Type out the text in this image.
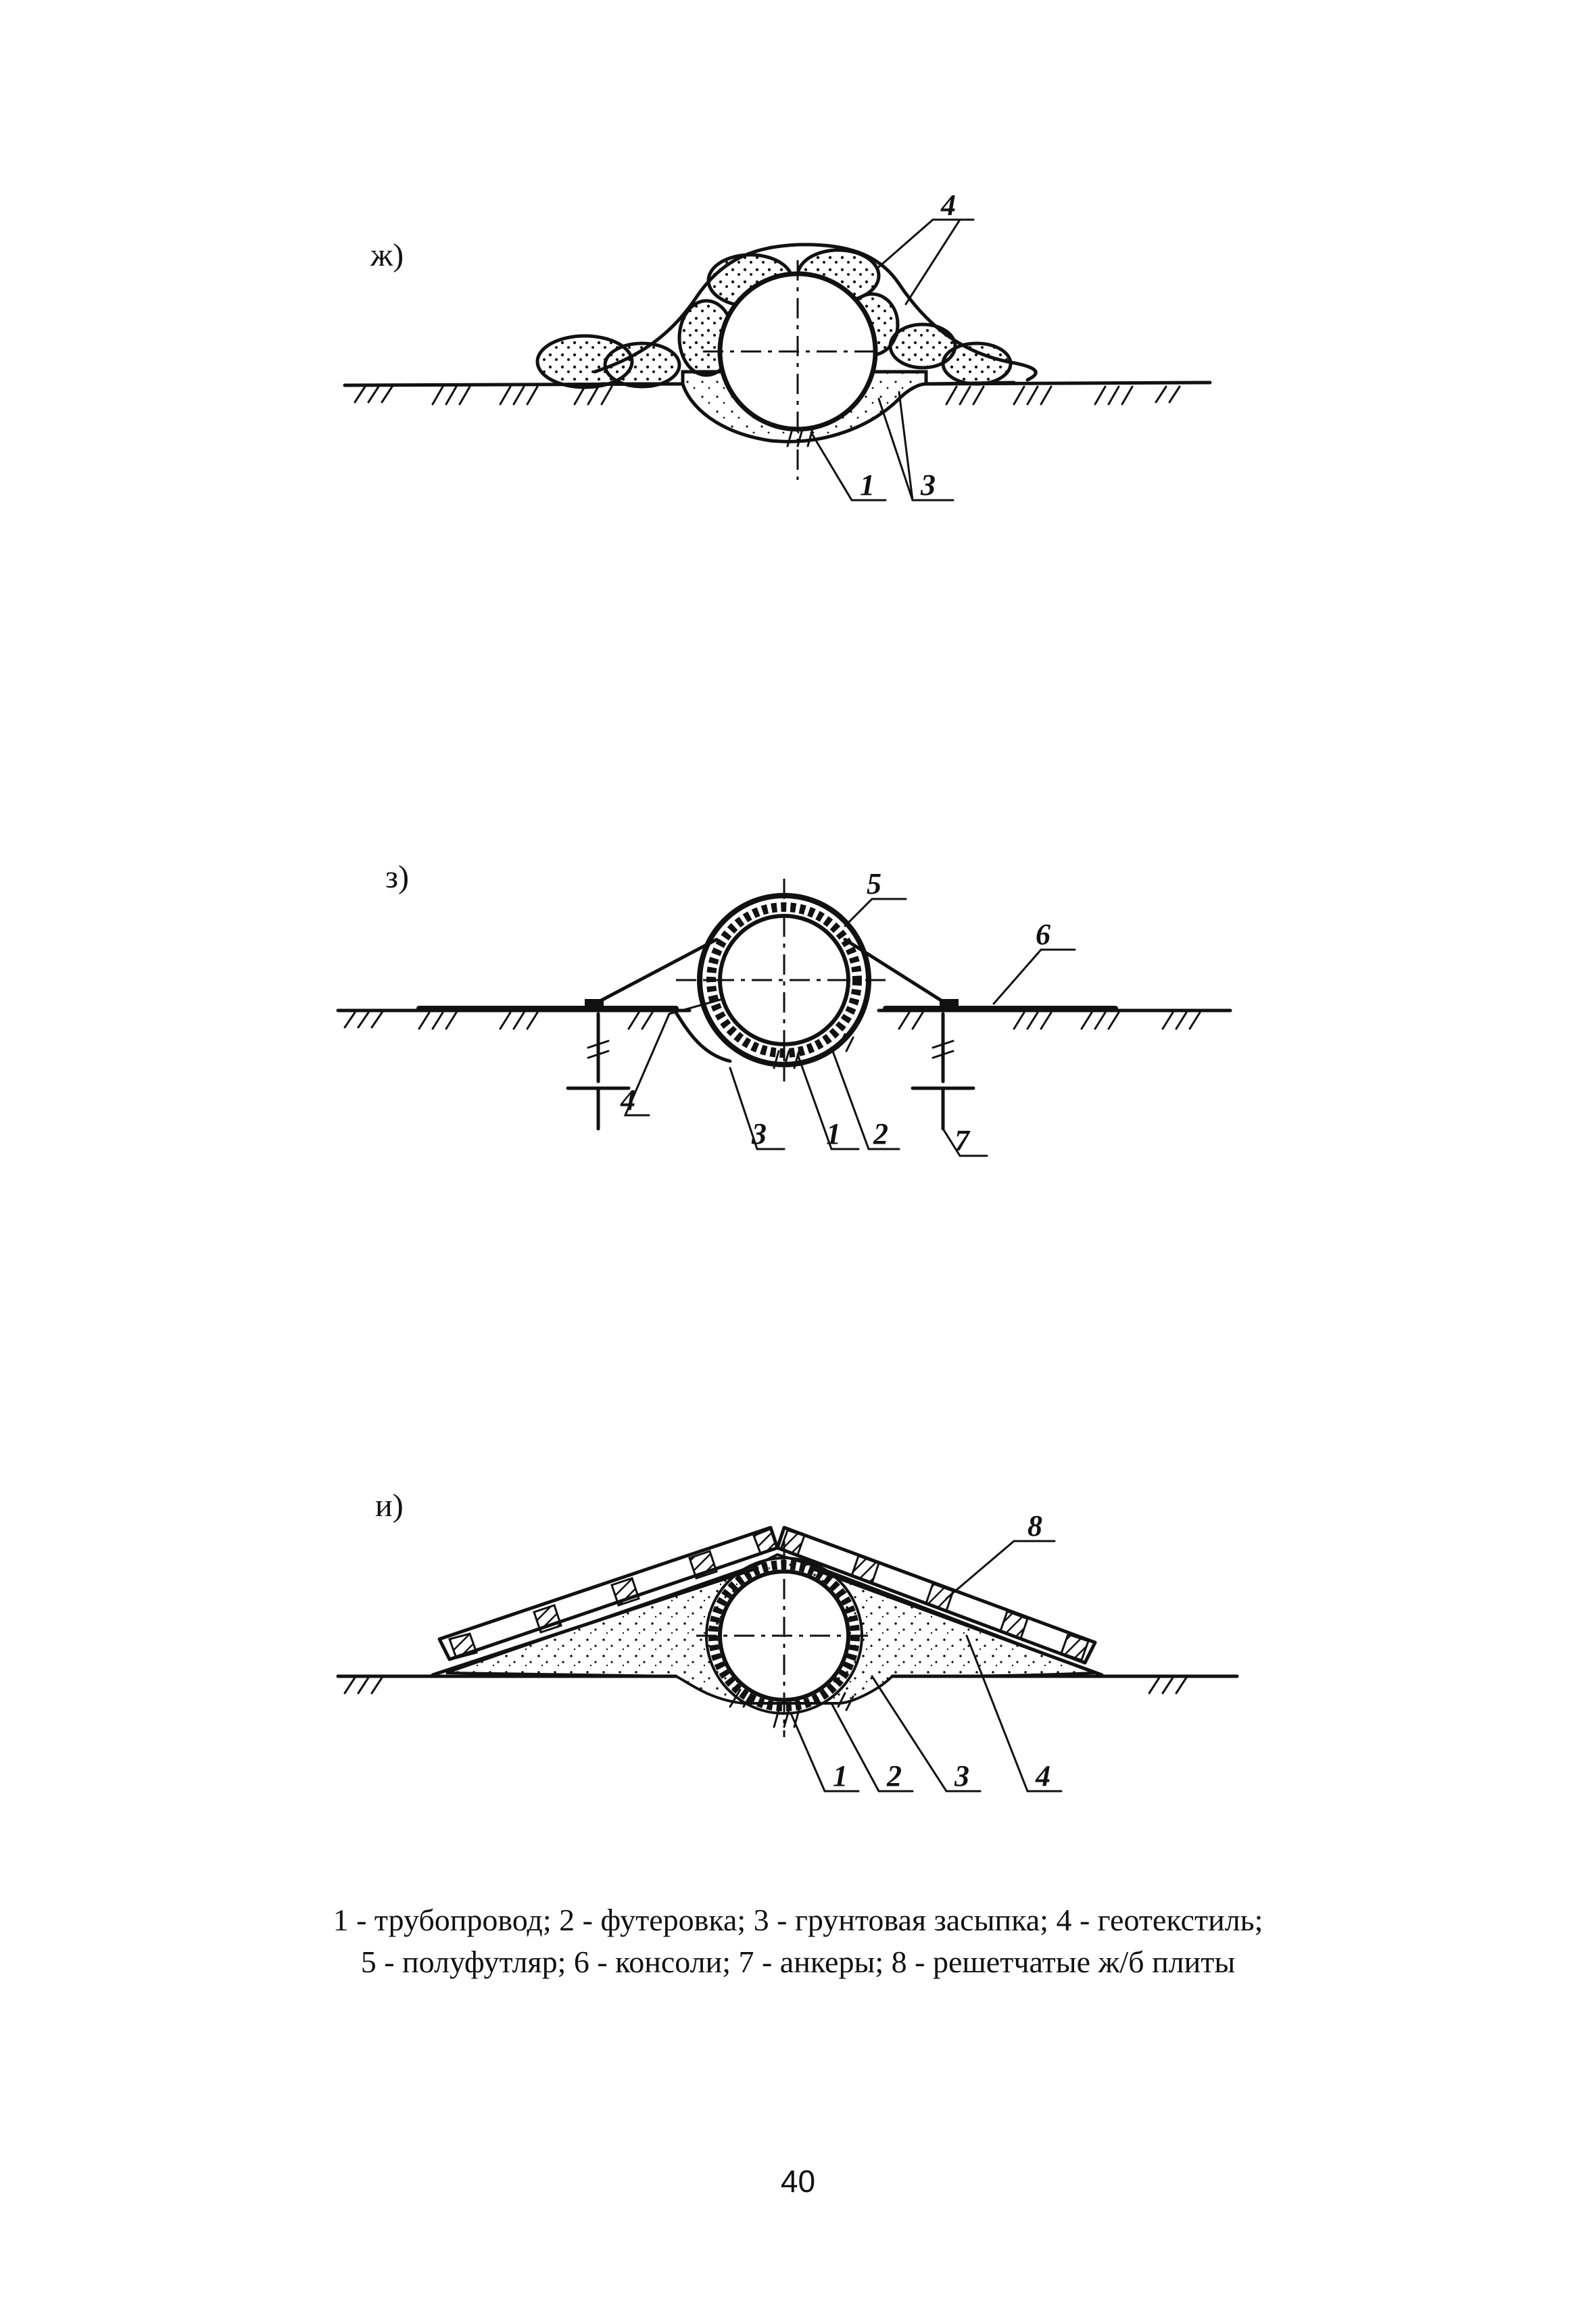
ж)
4
1 3
з)	5
6
4
3 1 2 7
и)
8
1 2 3 4
1 - трубопровод; 2 - футеровка; 3 - грунтовая засыпка; 4 - геотекстиль;
5 - полуфутляр; 6 - консоли; 7 - анкеры; 8 - решетчатые ж/б плиты
40
